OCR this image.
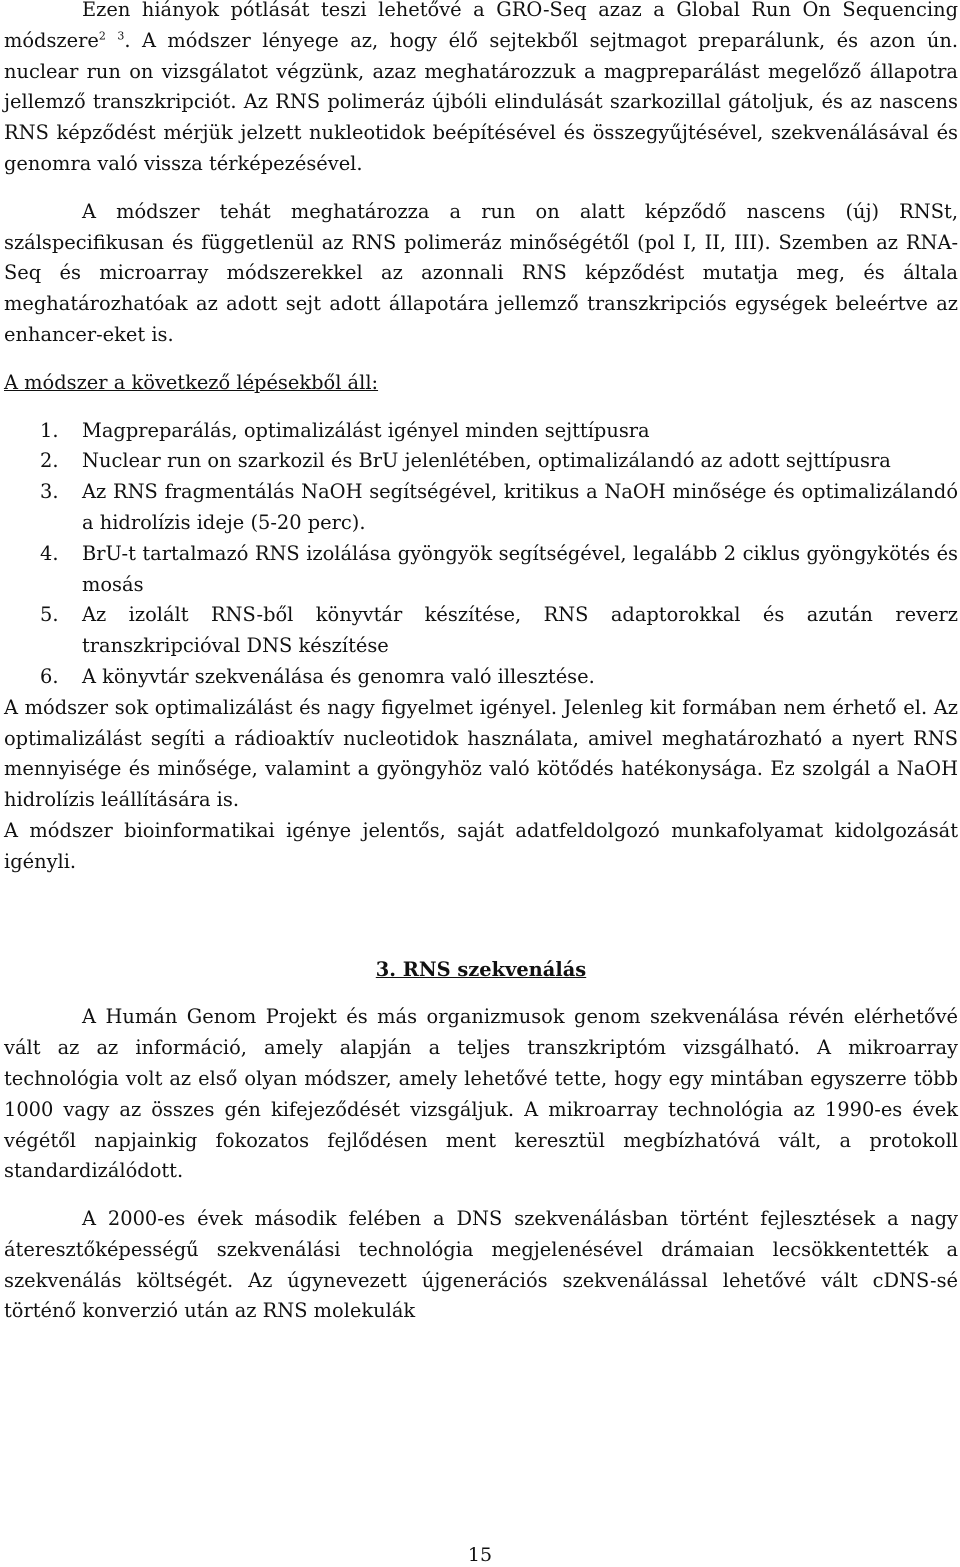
Ezen hiányok pótlását teszi lehetővé a GRO-Seq azaz a Global Run On Sequencing módszere$^2$ $^3$. A módszer lényege az, hogy élő sejtekből sejtmagot preparálunk, és azon ún. nuclear run on vizsgálatot végzünk, azaz meghatározzuk a magpreparálást megelőző állapotra jellemző transzkripciót. Az RNS polimeráz újbóli elindulását szarkozillal gátoljuk, és az nascens RNS képződést mérjük jelzett nukleotidok beépítésével és összegyűjtésével, szekvenálásával és genomra való vissza térképezésével.

A módszer tehát meghatározza a run on alatt képződő nascens (új) RNSt, szálspecifikusan és függetlenül az RNS polimeráz minőségétől (pol I, II, III). Szemben az RNA-Seq és microarray módszerekkel az azonnali RNS képződést mutatja meg, és általa meghatározhatóak az adott sejt adott állapotára jellemző transzkripciós egységek beleértve az enhancer-eket is.

A módszer a következő lépésekből áll:

1. Magpreparálás, optimalizálást igényel minden sejttípusra
2. Nuclear run on szarkozil és BrU jelenlétében, optimalizálandó az adott sejttípusra
3. Az RNS fragmentálás NaOH segítségével, kritikus a NaOH minősége és optimalizálandó a hidrolízis ideje (5-20 perc).
4. BrU-t tartalmazó RNS izolálása gyöngyök segítségével, legalább 2 ciklus gyöngykötés és mosás
5. Az izolált RNS-ből könyvtár készítése, RNS adaptorokkal és azután reverz transzkripcióval DNS készítése
6. A könyvtár szekvenálása és genomra való illesztése.

A módszer sok optimalizálást és nagy figyelmet igényel. Jelenleg kit formában nem érhető el. Az optimalizálást segíti a rádioaktív nucleotidok használata, amivel meghatározható a nyert RNS mennyisége és minősége, valamint a gyöngyhöz való kötődés hatékonysága. Ez szolgál a NaOH hidrolízis leállítására is.

A módszer bioinformatikai igénye jelentős, saját adatfeldolgozó munkafolyamat kidolgozását igényli.

3. RNS szekvenálás

A Humán Genom Projekt és más organizmusok genom szekvenálása révén elérhetővé vált az az információ, amely alapján a teljes transzkriptóm vizsgálható. A mikroarray technológia volt az első olyan módszer, amely lehetővé tette, hogy egy mintában egyszerre több 1000 vagy az összes gén kifejeződését vizsgáljuk. A mikroarray technológia az 1990-es évek végétől napjainkig fokozatos fejlődésen ment keresztül megbízhatóvá vált, a protokoll standardizálódott.

A 2000-es évek második felében a DNS szekvenálásban történt fejlesztések a nagy áteresztőképességű szekvenálási technológia megjelenésével drámaian lecsökkentették a szekvenálás költségét. Az úgynevezett újgenerációs szekvenálással lehetővé vált cDNS-sé történő konverzió után az RNS molekulák

15
